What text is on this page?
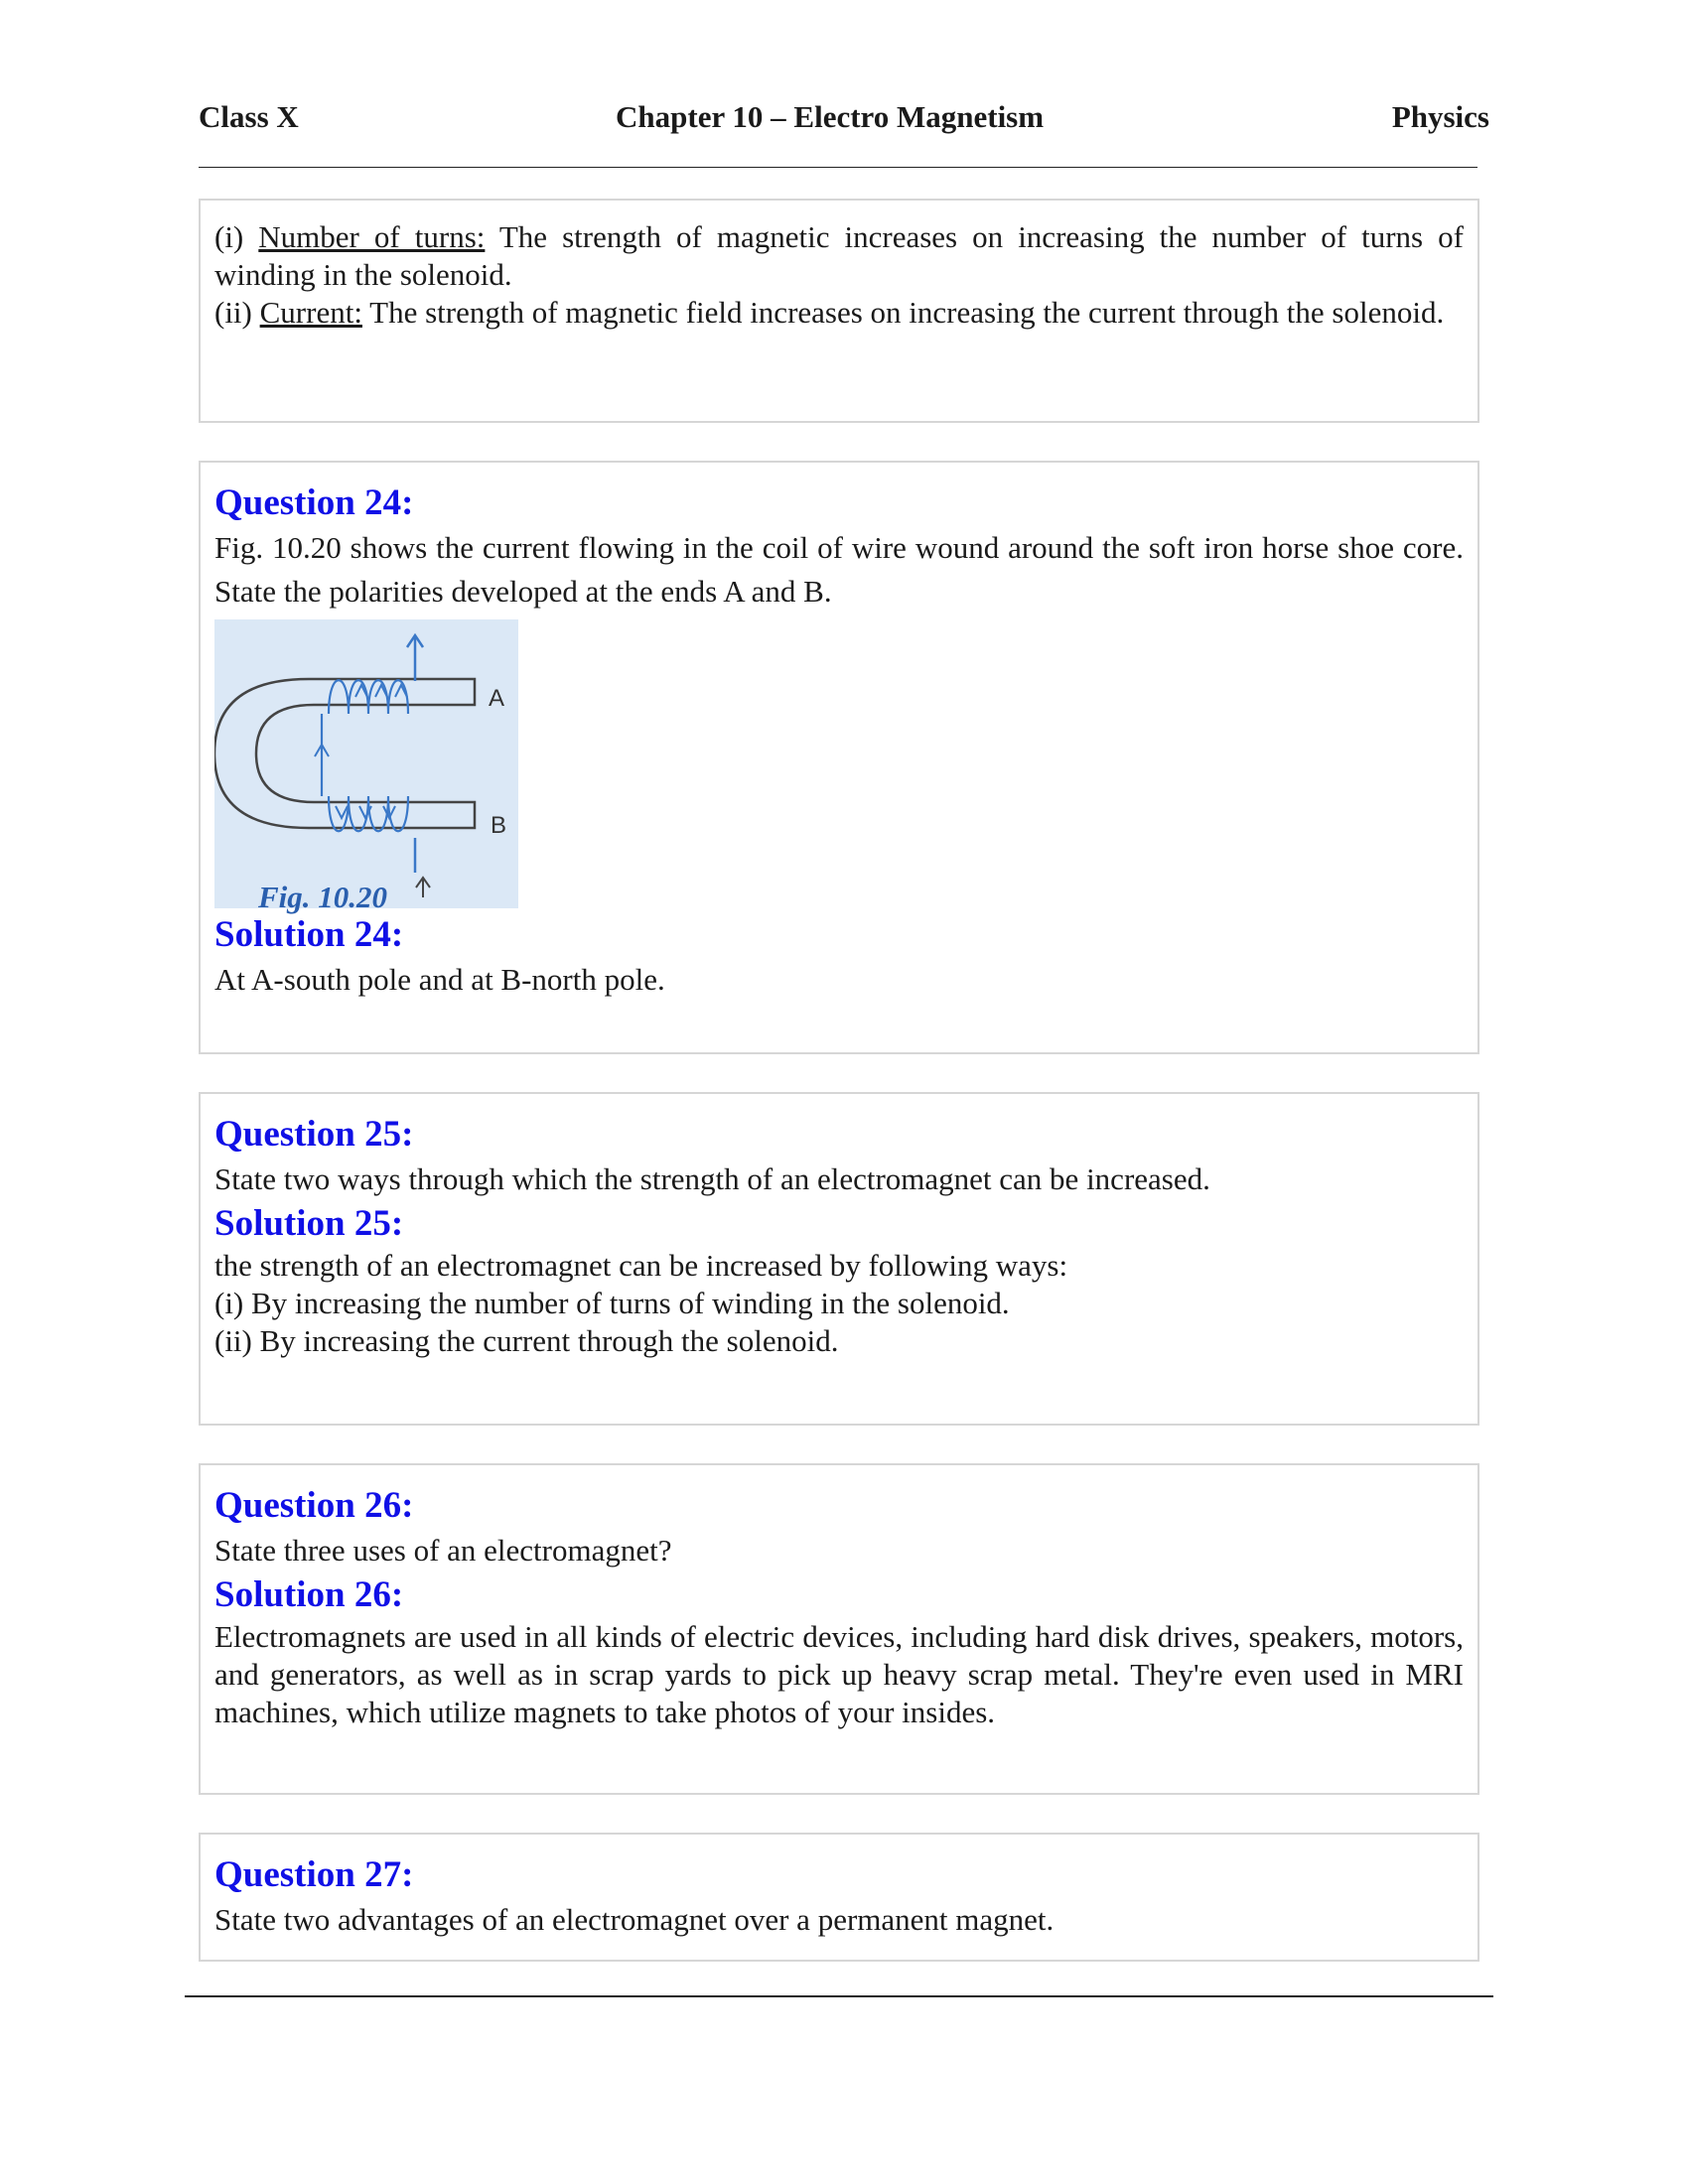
Class X	Chapter 10 – Electro Magnetism	Physics

(i) Number of turns: The strength of magnetic increases on increasing the number of turns of winding in the solenoid.

(ii) Current: The strength of magnetic field increases on increasing the current through the solenoid.

Question 24:

Fig. 10.20 shows the current flowing in the coil of wire wound around the soft iron horse shoe core. State the polarities developed at the ends A and B.

A
B
Fig. 10.20
Solution 24:

At A-south pole and at B-north pole.

Question 25:

State two ways through which the strength of an electromagnet can be increased.

Solution 25:

the strength of an electromagnet can be increased by following ways:

(i) By increasing the number of turns of winding in the solenoid.

(ii) By increasing the current through the solenoid.

Question 26:

State three uses of an electromagnet?

Solution 26:

Electromagnets are used in all kinds of electric devices, including hard disk drives, speakers, motors, and generators, as well as in scrap yards to pick up heavy scrap metal. They're even used in MRI machines, which utilize magnets to take photos of your insides.

Question 27:

State two advantages of an electromagnet over a permanent magnet.
